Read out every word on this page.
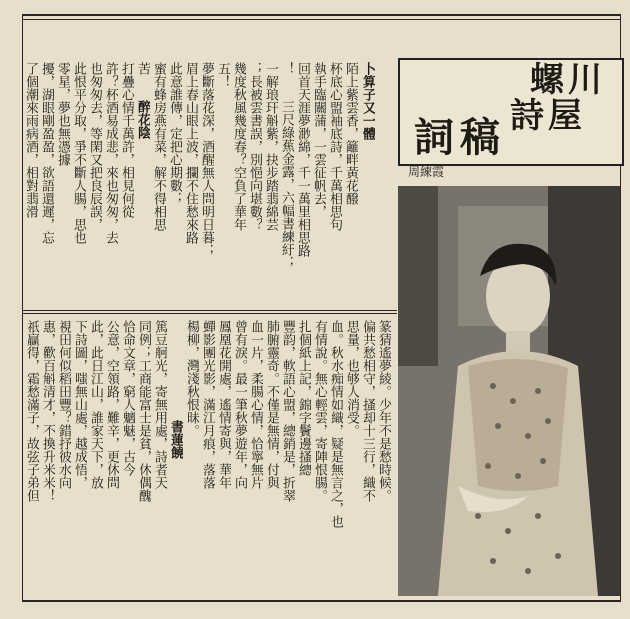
螺川
詩屋
詞稿
周練霞
卜算子又一體
陌上紫雲香，籬畔黃花醱
杯底心盟袖底詩，千萬相思句
執手臨關蒲，一雲征帆去，
回首天涯夢渺綿，千一萬里相思路
！
三尺綠蕉金露，六幅書練紆；
一解琅玕斛紫，抉步踏翡綿芸
；長被雲書誤，別悒向堪數？
幾度秋風幾度春？空負了華年
五！
夢斷落花深，酒醒無人問明日暮；
眉上春山眼上波，攔不住愁來路
此意誰傳，定把心期數；
蜜有蜂房燕有菜，解不得相思
苦
醉花陰
打疊心情千萬許，相見何從
許？杯酒易成悲，來也匆匆，去
也匆匆去，等閑又把良辰誤，
此恨平分取，爭不斷人腸，思也
零星，夢也無憑據
擾，湖眼剛盈盈，欲語還遲，忘
了個潮來雨病酒，相對翡滑
篆猜遙夢綾。少年不是愁時候。
偏共愁相守，搔却十三行，織不
思量，也够人消受。
血。秋水痴情如織，疑是無言之，也
有情說。無心輕雲，寄陣恨腸。
扎個紙上記，錦字鬢邊搔總
豐韵，軟語心盟，總銷是，折翠
肺腑靈奇。不僅是無情，付與
血一片，柔腸心情，恰寧無片
曾有淚。最一筆秋夢遊年，向
鳳凰花開處，遙情寄與，華年
蟬影團光影，滿江月痕，落落
楊柳，灣淺秋恨昧。
書蓮饒
篤豆舸光，寄無用處，詩者天
同例；工商能富士是貧，休偶醜
恰命文章，窮人魑魅，古今
公意，空領路，難辛，更休問
此，此日江山，誰家天下，放
下詩圖，嗤無山處，越成悟，
視田何似稻田豐？錯抒彼水向
惠，歡百斛清才，不換升米米！
祇贏得，霜愁滿子，故弦子弟但
